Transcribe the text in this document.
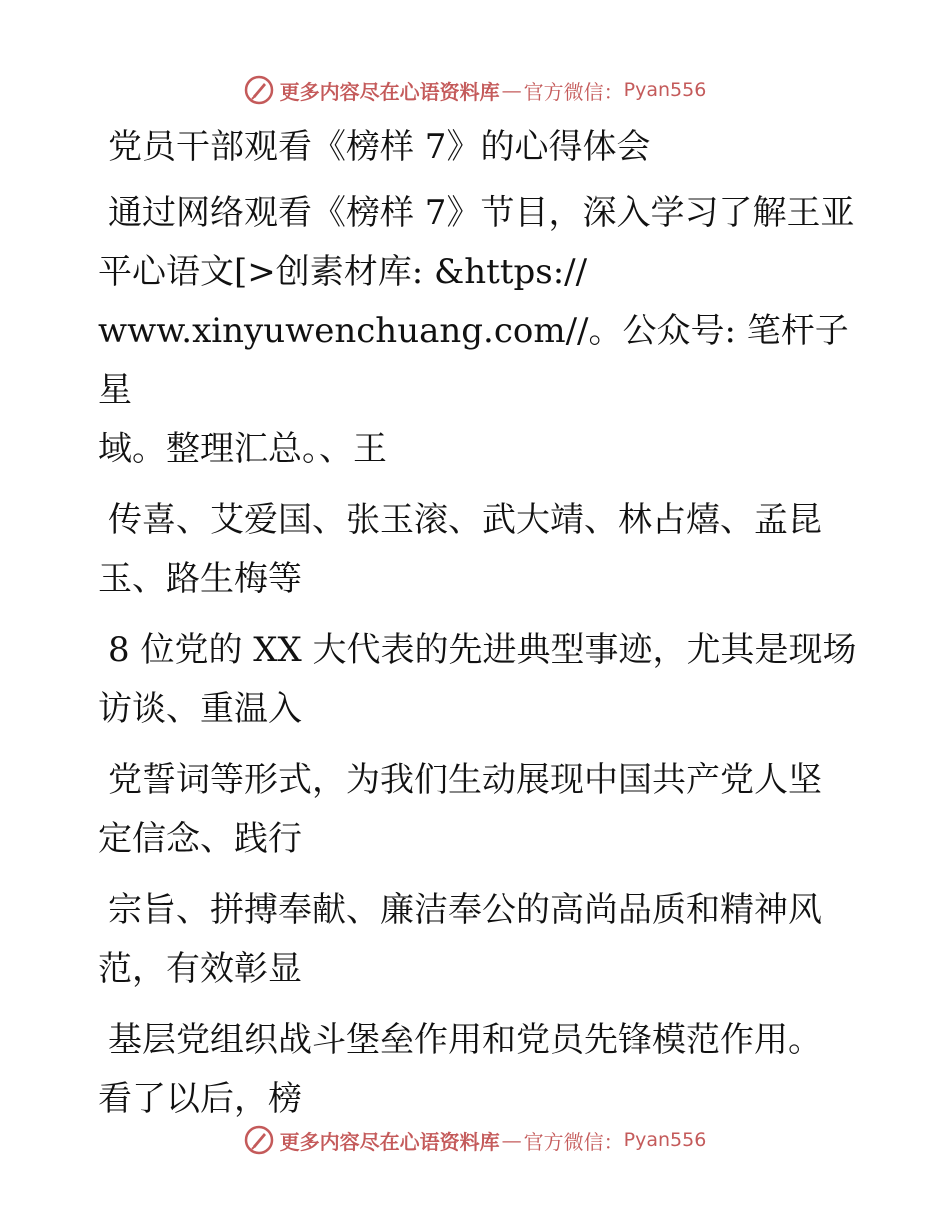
更多内容尽在心语资料库 — 官方微信： Pyan556

党员干部观看《榜样 7》的心得体会

通过网络观看《榜样 7》节目，深入学习了解王亚

平心语文[>创素材库: &https://

www.xinyuwenchuang.com//。公众号: 笔杆子星

域。整理汇总。、王

传喜、艾爱国、张玉滚、武大靖、林占熺、孟昆

玉、路生梅等

8 位党的 XX 大代表的先进典型事迹，尤其是现场

访谈、重温入

党誓词等形式，为我们生动展现中国共产党人坚

定信念、践行

宗旨、拼搏奉献、廉洁奉公的高尚品质和精神风

范，有效彰显

基层党组织战斗堡垒作用和党员先锋模范作用。

看了以后，榜

更多内容尽在心语资料库 — 官方微信： Pyan556
